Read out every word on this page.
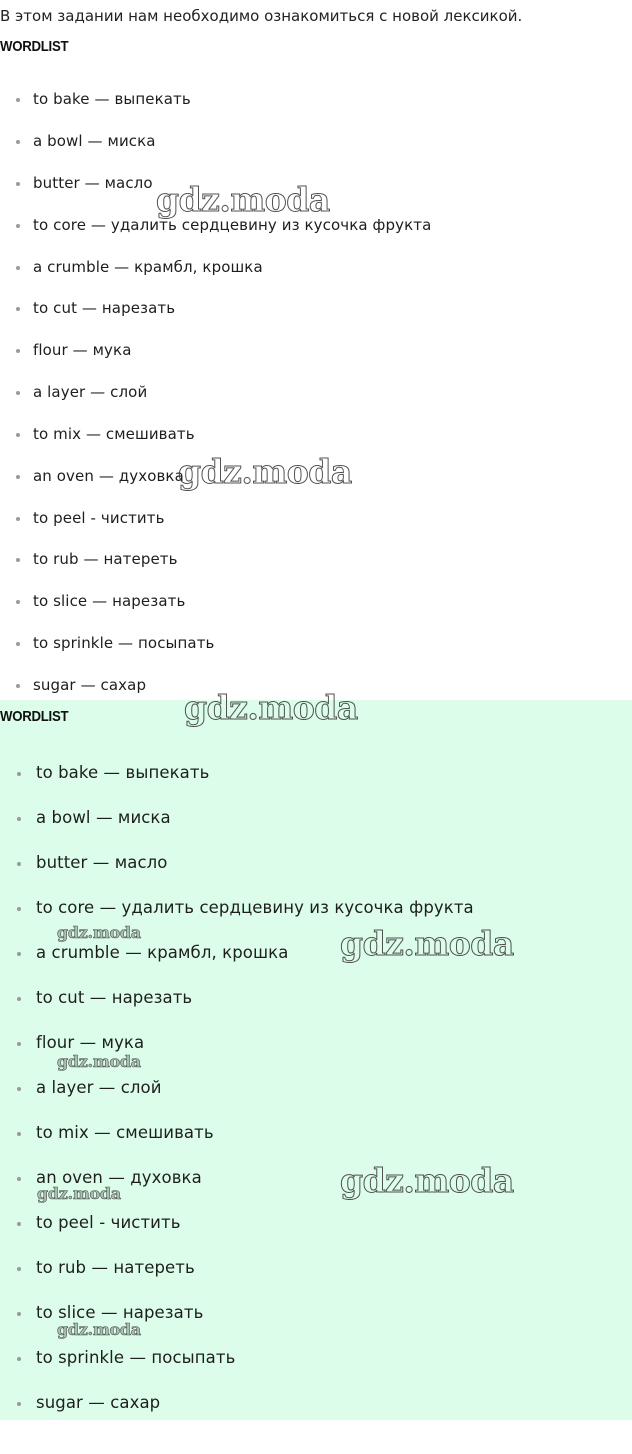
В этом задании нам необходимо ознакомиться с новой лексикой.
WORDLIST
to bake — выпекать
a bowl — миска
butter — масло
to core — удалить сердцевину из кусочка фрукта
a crumble — крамбл, крошка
to cut — нарезать
flour — мука
a layer — слой
to mix — смешивать
an oven — духовка
to peel - чистить
to rub — натереть
to slice — нарезать
to sprinkle — посыпать
sugar — сахар
WORDLIST
to bake — выпекать
a bowl — миска
butter — масло
to core — удалить сердцевину из кусочка фрукта
a crumble — крамбл, крошка
to cut — нарезать
flour — мука
a layer — слой
to mix — смешивать
an oven — духовка
to peel - чистить
to rub — натереть
to slice — нарезать
to sprinkle — посыпать
sugar — сахар
gdz.moda
gdz.moda
gdz.moda
gdz.moda
gdz.moda
gdz.moda
